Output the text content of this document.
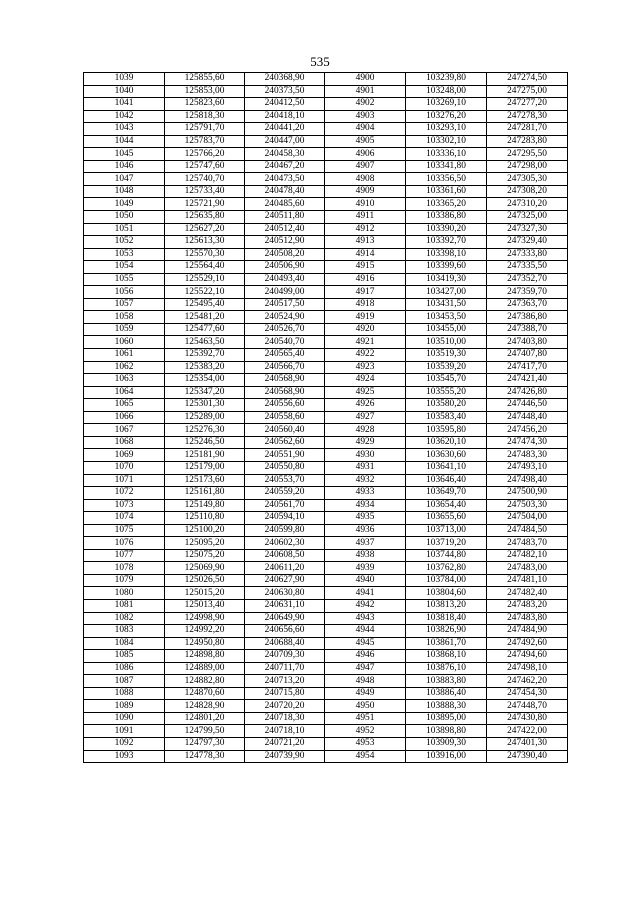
535
1039	125855,60	240368,90	4900	103239,80	247274,50
1040	125853,00	240373,50	4901	103248,00	247275,00
1041	125823,60	240412,50	4902	103269,10	247277,20
1042	125818,30	240418,10	4903	103276,20	247278,30
1043	125791,70	240441,20	4904	103293,10	247281,70
1044	125783,70	240447,00	4905	103302,10	247283,80
1045	125766,20	240458,30	4906	103336,10	247295,50
1046	125747,60	240467,20	4907	103341,80	247298,00
1047	125740,70	240473,50	4908	103356,50	247305,30
1048	125733,40	240478,40	4909	103361,60	247308,20
1049	125721,90	240485,60	4910	103365,20	247310,20
1050	125635,80	240511,80	4911	103386,80	247325,00
1051	125627,20	240512,40	4912	103390,20	247327,30
1052	125613,30	240512,90	4913	103392,70	247329,40
1053	125570,30	240508,20	4914	103398,10	247333,80
1054	125564,40	240506,90	4915	103399,60	247335,50
1055	125529,10	240493,40	4916	103419,30	247352,70
1056	125522,10	240499,00	4917	103427,00	247359,70
1057	125495,40	240517,50	4918	103431,50	247363,70
1058	125481,20	240524,90	4919	103453,50	247386,80
1059	125477,60	240526,70	4920	103455,00	247388,70
1060	125463,50	240540,70	4921	103510,00	247403,80
1061	125392,70	240565,40	4922	103519,30	247407,80
1062	125383,20	240566,70	4923	103539,20	247417,70
1063	125354,00	240568,90	4924	103545,70	247421,40
1064	125347,20	240568,90	4925	103555,20	247426,80
1065	125301,30	240556,60	4926	103580,20	247446,50
1066	125289,00	240558,60	4927	103583,40	247448,40
1067	125276,30	240560,40	4928	103595,80	247456,20
1068	125246,50	240562,60	4929	103620,10	247474,30
1069	125181,90	240551,90	4930	103630,60	247483,30
1070	125179,00	240550,80	4931	103641,10	247493,10
1071	125173,60	240553,70	4932	103646,40	247498,40
1072	125161,80	240559,20	4933	103649,70	247500,90
1073	125149,80	240561,70	4934	103654,40	247503,30
1074	125110,80	240594,10	4935	103655,60	247504,00
1075	125100,20	240599,80	4936	103713,00	247484,50
1076	125095,20	240602,30	4937	103719,20	247483,70
1077	125075,20	240608,50	4938	103744,80	247482,10
1078	125069,90	240611,20	4939	103762,80	247483,00
1079	125026,50	240627,90	4940	103784,00	247481,10
1080	125015,20	240630,80	4941	103804,60	247482,40
1081	125013,40	240631,10	4942	103813,20	247483,20
1082	124998,90	240649,90	4943	103818,40	247483,80
1083	124992,20	240656,60	4944	103826,90	247484,90
1084	124950,80	240688,40	4945	103861,70	247492,60
1085	124898,80	240709,30	4946	103868,10	247494,60
1086	124889,00	240711,70	4947	103876,10	247498,10
1087	124882,80	240713,20	4948	103883,80	247462,20
1088	124870,60	240715,80	4949	103886,40	247454,30
1089	124828,90	240720,20	4950	103888,30	247448,70
1090	124801,20	240718,30	4951	103895,00	247430,80
1091	124799,50	240718,10	4952	103898,80	247422,00
1092	124797,30	240721,20	4953	103909,30	247401,30
1093	124778,30	240739,90	4954	103916,00	247390,40
